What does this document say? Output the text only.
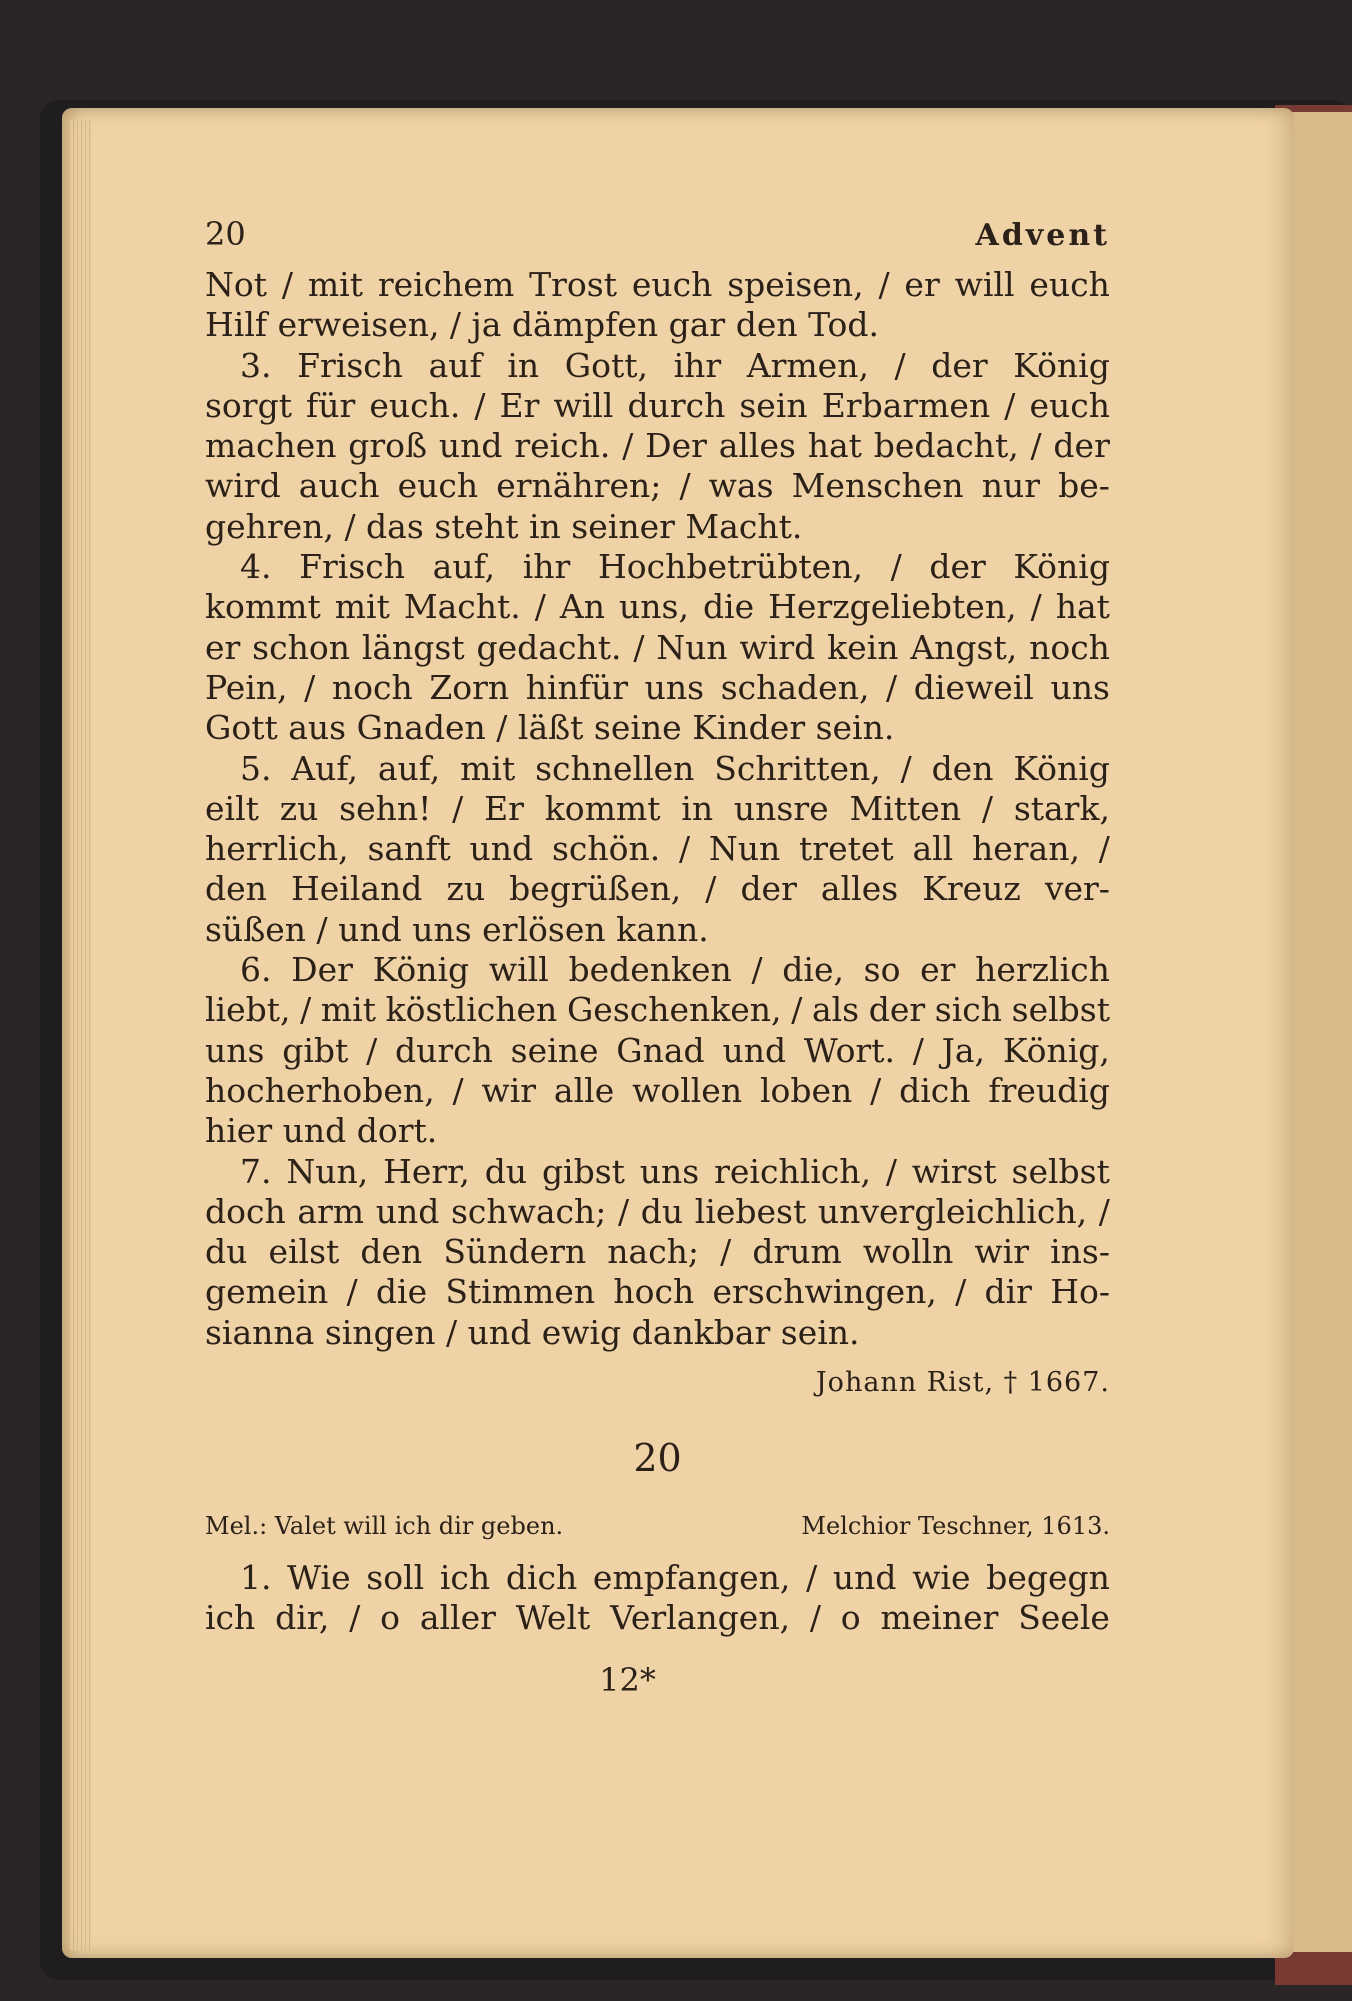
20	Advent
Not / mit reichem Trost euch speisen, / er will euch
Hilf erweisen, / ja dämpfen gar den Tod.
3. Frisch auf in Gott, ihr Armen, / der König
sorgt für euch. / Er will durch sein Erbarmen / euch
machen groß und reich. / Der alles hat bedacht, / der
wird auch euch ernähren; / was Menschen nur be-
gehren, / das steht in seiner Macht.
4. Frisch auf, ihr Hochbetrübten, / der König
kommt mit Macht. / An uns, die Herzgeliebten, / hat
er schon längst gedacht. / Nun wird kein Angst, noch
Pein, / noch Zorn hinfür uns schaden, / dieweil uns
Gott aus Gnaden / läßt seine Kinder sein.
5. Auf, auf, mit schnellen Schritten, / den König
eilt zu sehn! / Er kommt in unsre Mitten / stark,
herrlich, sanft und schön. / Nun tretet all heran, /
den Heiland zu begrüßen, / der alles Kreuz ver-
süßen / und uns erlösen kann.
6. Der König will bedenken / die, so er herzlich
liebt, / mit köstlichen Geschenken, / als der sich selbst
uns gibt / durch seine Gnad und Wort. / Ja, König,
hocherhoben, / wir alle wollen loben / dich freudig
hier und dort.
7. Nun, Herr, du gibst uns reichlich, / wirst selbst
doch arm und schwach; / du liebest unvergleichlich, /
du eilst den Sündern nach; / drum wolln wir ins-
gemein / die Stimmen hoch erschwingen, / dir Ho-
sianna singen / und ewig dankbar sein.
Johann Rist, † 1667.
20
Mel.: Valet will ich dir geben.	Melchior Teschner, 1613.
1. Wie soll ich dich empfangen, / und wie begegn
ich dir, / o aller Welt Verlangen, / o meiner Seele
12*
